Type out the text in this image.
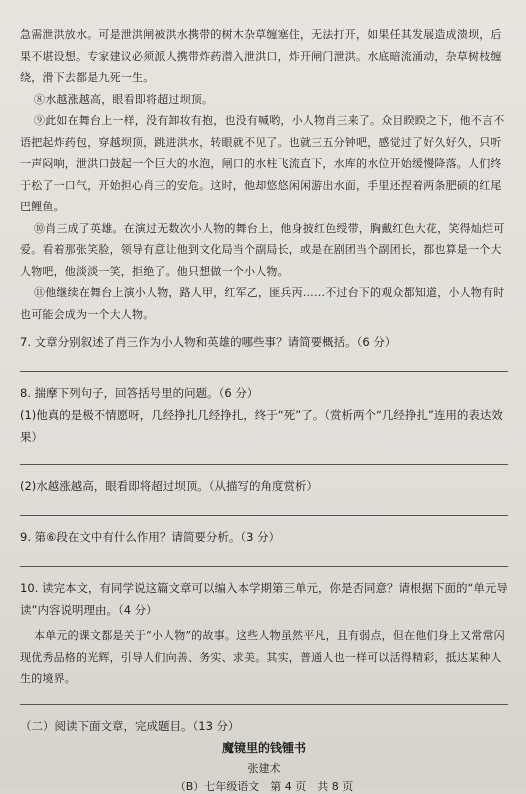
急需泄洪放水。可是泄洪闸被洪水携带的树木杂草缠塞住，无法打开，如果任其发展造成溃坝，后果不堪设想。专家建议必须派人携带炸药潜入泄洪口，炸开闸门泄洪。水底暗流涌动，杂草树枝缠绕，滑下去都是九死一生。

⑧水越涨越高，眼看即将超过坝顶。

⑨此如在舞台上一样，没有卸妆有抱，也没有喊哟，小人物肖三来了。众目睽睽之下，他不言不语把起炸药包，穿越坝顶，跳进洪水，转眼就不见了。也就三五分钟吧，感觉过了好久好久，只听一声闷响，泄洪口鼓起一个巨大的水泡，闸口的水柱飞流直下，水库的水位开始缓慢降落。人们终于松了一口气，开始担心肖三的安危。这时，他却悠悠闲闲游出水面，手里还捏着两条肥硕的红尾巴鲤鱼。

⑩肖三成了英雄。在演过无数次小人物的舞台上，他身披红色绶带，胸戴红色大花，笑得灿烂可爱。看着那张笑脸，领导有意让他到文化局当个副局长，或是在剧团当个副团长，都也算是一个大人物吧，他淡淡一笑，拒绝了。他只想做一个小人物。

⑪他继续在舞台上演小人物，路人甲，红军乙，匪兵丙……不过台下的观众都知道，小人物有时也可能会成为一个大人物。

7. 文章分别叙述了肖三作为小人物和英雄的哪些事？请简要概括。（6 分）

8. 揣摩下列句子，回答括号里的问题。（6 分）

(1)他真的是极不情愿呀，几经挣扎几经挣扎，终于“死”了。（赏析两个“几经挣扎”连用的表达效果）

(2)水越涨越高，眼看即将超过坝顶。（从描写的角度赏析）

9. 第⑥段在文中有什么作用？请简要分析。（3 分）

10. 读完本文，有同学说这篇文章可以编入本学期第三单元，你是否同意？请根据下面的“单元导读”内容说明理由。（4 分）

本单元的课文都是关于“小人物”的故事。这些人物虽然平凡，且有弱点，但在他们身上又常常闪现优秀品格的光辉，引导人们向善、务实、求美。其实，普通人也一样可以活得精彩，抵达某种人生的境界。

（二）阅读下面文章，完成题目。（13 分）

魔镜里的钱锺书

张建术

（B）七年级语文　第 4 页　共 8 页
